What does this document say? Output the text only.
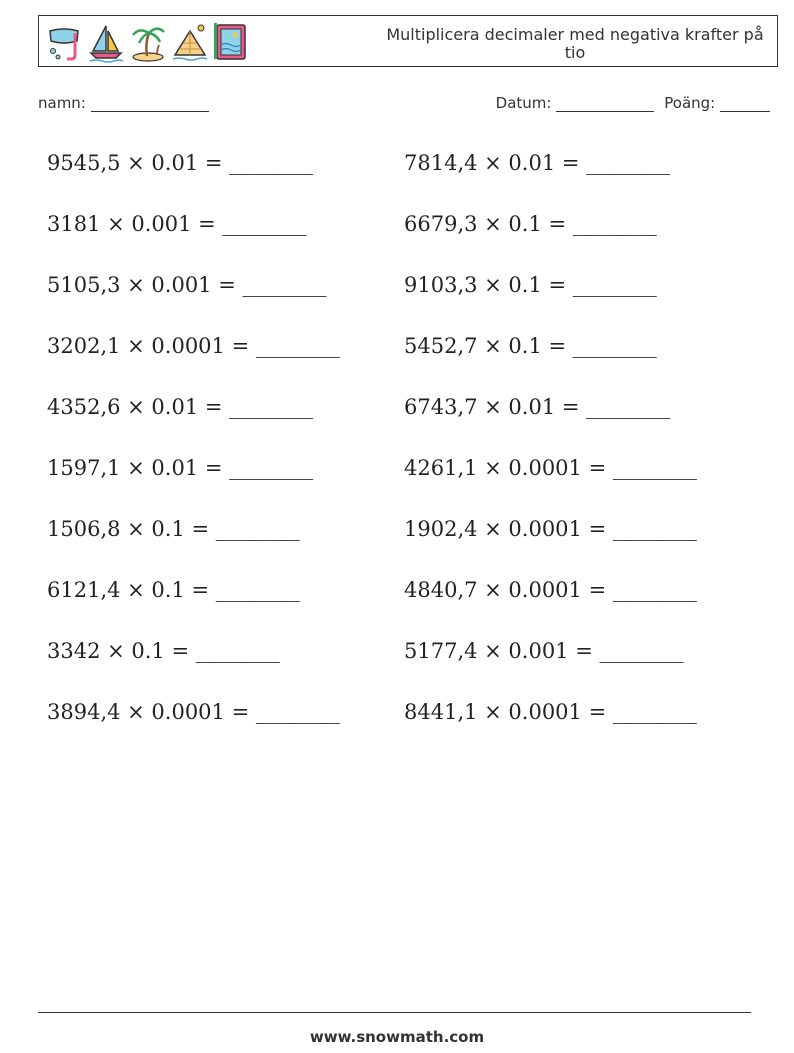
Multiplicera decimaler med negativa krafter på tio
namn:	Datum:	Poäng:
9545,5 × 0.01 = ________	7814,4 × 0.01 = ________
3181 × 0.001 = ________	6679,3 × 0.1 = ________
5105,3 × 0.001 = ________	9103,3 × 0.1 = ________
3202,1 × 0.0001 = ________	5452,7 × 0.1 = ________
4352,6 × 0.01 = ________	6743,7 × 0.01 = ________
1597,1 × 0.01 = ________	4261,1 × 0.0001 = ________
1506,8 × 0.1 = ________	1902,4 × 0.0001 = ________
6121,4 × 0.1 = ________	4840,7 × 0.0001 = ________
3342 × 0.1 = ________	5177,4 × 0.001 = ________
3894,4 × 0.0001 = ________	8441,1 × 0.0001 = ________
www.snowmath.com
